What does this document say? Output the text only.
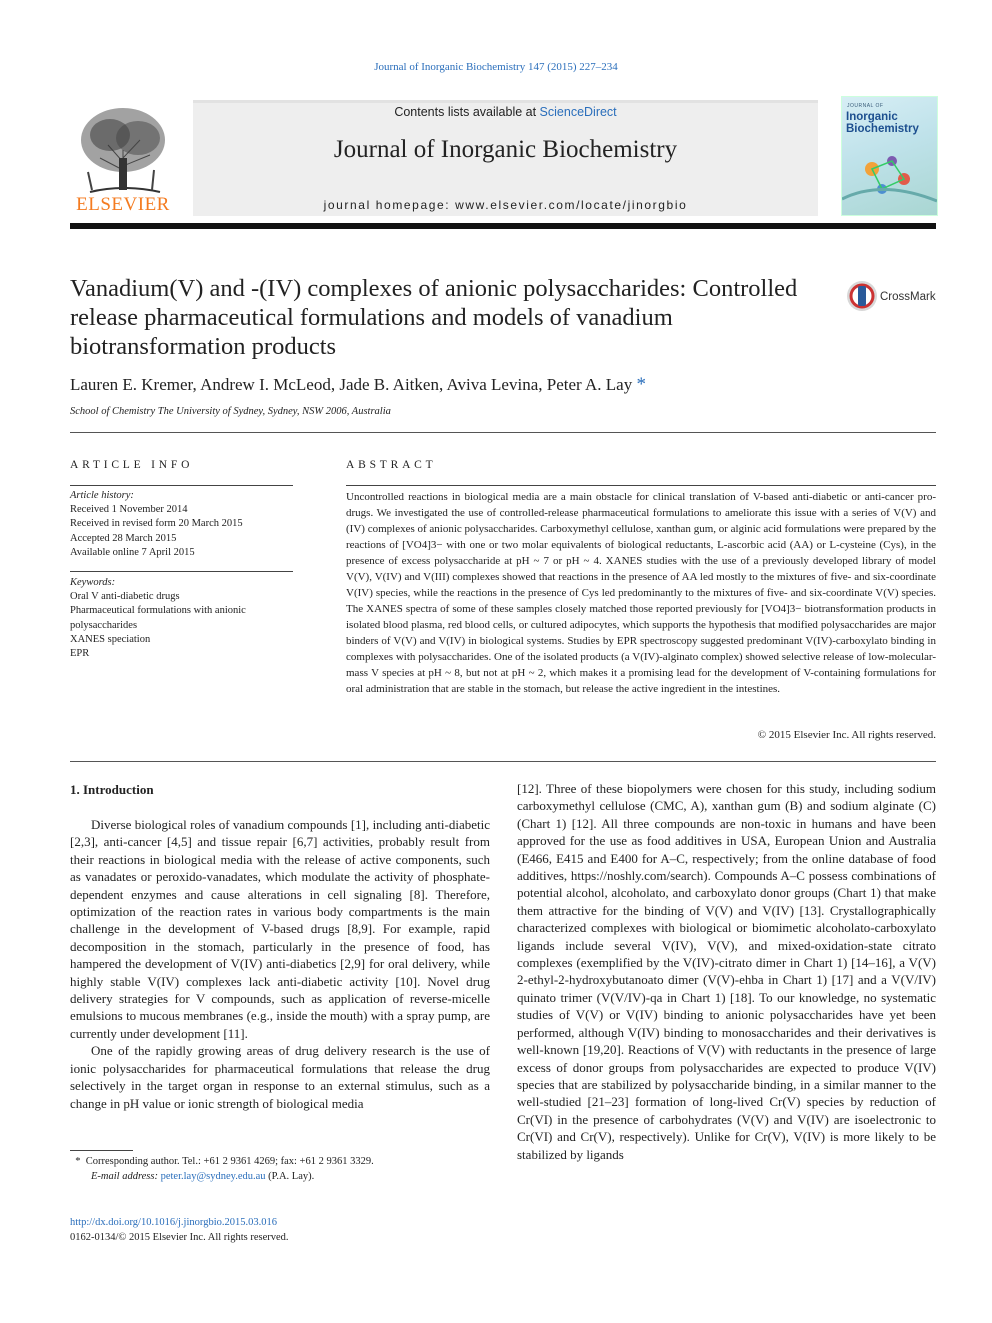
Journal of Inorganic Biochemistry 147 (2015) 227–234
ELSEVIER
Contents lists available at ScienceDirect
Journal of Inorganic Biochemistry
journal homepage: www.elsevier.com/locate/jinorgbio
JOURNAL OF
Inorganic
Biochemistry
Vanadium(V) and -(IV) complexes of anionic polysaccharides: Controlled release pharmaceutical formulations and models of vanadium biotransformation products
CrossMark
Lauren E. Kremer, Andrew I. McLeod, Jade B. Aitken, Aviva Levina, Peter A. Lay *
School of Chemistry The University of Sydney, Sydney, NSW 2006, Australia
ARTICLE INFO
Article history:
Received 1 November 2014
Received in revised form 20 March 2015
Accepted 28 March 2015
Available online 7 April 2015
Keywords:
Oral V anti-diabetic drugs
Pharmaceutical formulations with anionic polysaccharides
XANES speciation
EPR
ABSTRACT
Uncontrolled reactions in biological media are a main obstacle for clinical translation of V-based anti-diabetic or anti-cancer pro-drugs. We investigated the use of controlled-release pharmaceutical formulations to ameliorate this issue with a series of V(V) and (IV) complexes of anionic polysaccharides. Carboxymethyl cellulose, xanthan gum, or alginic acid formulations were prepared by the reactions of [VO4]3− with one or two molar equivalents of biological reductants, L-ascorbic acid (AA) or L-cysteine (Cys), in the presence of excess polysaccharide at pH ~ 7 or pH ~ 4. XANES studies with the use of a previously developed library of model V(V), V(IV) and V(III) complexes showed that reactions in the presence of AA led mostly to the mixtures of five- and six-coordinate V(IV) species, while the reactions in the presence of Cys led predominantly to the mixtures of five- and six-coordinate V(V) species. The XANES spectra of some of these samples closely matched those reported previously for [VO4]3− biotransformation products in isolated blood plasma, red blood cells, or cultured adipocytes, which supports the hypothesis that modified polysaccharides are major binders of V(V) and V(IV) in biological systems. Studies by EPR spectroscopy suggested predominant V(IV)-carboxylato binding in complexes with polysaccharides. One of the isolated products (a V(IV)-alginato complex) showed selective release of low-molecular-mass V species at pH ~ 8, but not at pH ~ 2, which makes it a promising lead for the development of V-containing formulations for oral administration that are stable in the stomach, but release the active ingredient in the intestines.
© 2015 Elsevier Inc. All rights reserved.
1. Introduction

Diverse biological roles of vanadium compounds [1], including anti-diabetic [2,3], anti-cancer [4,5] and tissue repair [6,7] activities, probably result from their reactions in biological media with the release of active components, such as vanadates or peroxido-vanadates, which modulate the activity of phosphate-dependent enzymes and cause alterations in cell signaling [8]. Therefore, optimization of the reaction rates in various body compartments is the main challenge in the development of V-based drugs [8,9]. For example, rapid decomposition in the stomach, particularly in the presence of food, has hampered the development of V(IV) anti-diabetics [2,9] for oral delivery, while highly stable V(IV) complexes lack anti-diabetic activity [10]. Novel drug delivery strategies for V compounds, such as application of reverse-micelle emulsions to mucous membranes (e.g., inside the mouth) with a spray pump, are currently under development [11].

One of the rapidly growing areas of drug delivery research is the use of ionic polysaccharides for pharmaceutical formulations that release the drug selectively in the target organ in response to an external stimulus, such as a change in pH value or ionic strength of biological media

[12]. Three of these biopolymers were chosen for this study, including sodium carboxymethyl cellulose (CMC, A), xanthan gum (B) and sodium alginate (C) (Chart 1) [12]. All three compounds are non-toxic in humans and have been approved for the use as food additives in USA, European Union and Australia (E466, E415 and E400 for A–C, respectively; from the online database of food additives, https://noshly.com/search). Compounds A–C possess combinations of potential alcohol, alcoholato, and carboxylato donor groups (Chart 1) that make them attractive for the binding of V(V) and V(IV) [13]. Crystallographically characterized complexes with biological or biomimetic alcoholato-carboxylato ligands include several V(IV), V(V), and mixed-oxidation-state citrato complexes (exemplified by the V(IV)-citrato dimer in Chart 1) [14–16], a V(V) 2-ethyl-2-hydroxybutanoato dimer (V(V)-ehba in Chart 1) [17] and a V(V/IV) quinato trimer (V(V/IV)-qa in Chart 1) [18]. To our knowledge, no systematic studies of V(V) or V(IV) binding to anionic polysaccharides have yet been performed, although V(IV) binding to monosaccharides and their derivatives is well-known [19,20]. Reactions of V(V) with reductants in the presence of large excess of donor groups from polysaccharides are expected to produce V(IV) species that are stabilized by polysaccharide binding, in a similar manner to the well-studied [21–23] formation of long-lived Cr(V) species by reduction of Cr(VI) in the presence of carbohydrates (V(V) and V(IV) are isoelectronic to Cr(VI) and Cr(V), respectively). Unlike for Cr(V), V(IV) is more likely to be stabilized by ligands

* Corresponding author. Tel.: +61 2 9361 4269; fax: +61 2 9361 3329.
E-mail address: peter.lay@sydney.edu.au (P.A. Lay).
http://dx.doi.org/10.1016/j.jinorgbio.2015.03.016
0162-0134/© 2015 Elsevier Inc. All rights reserved.
